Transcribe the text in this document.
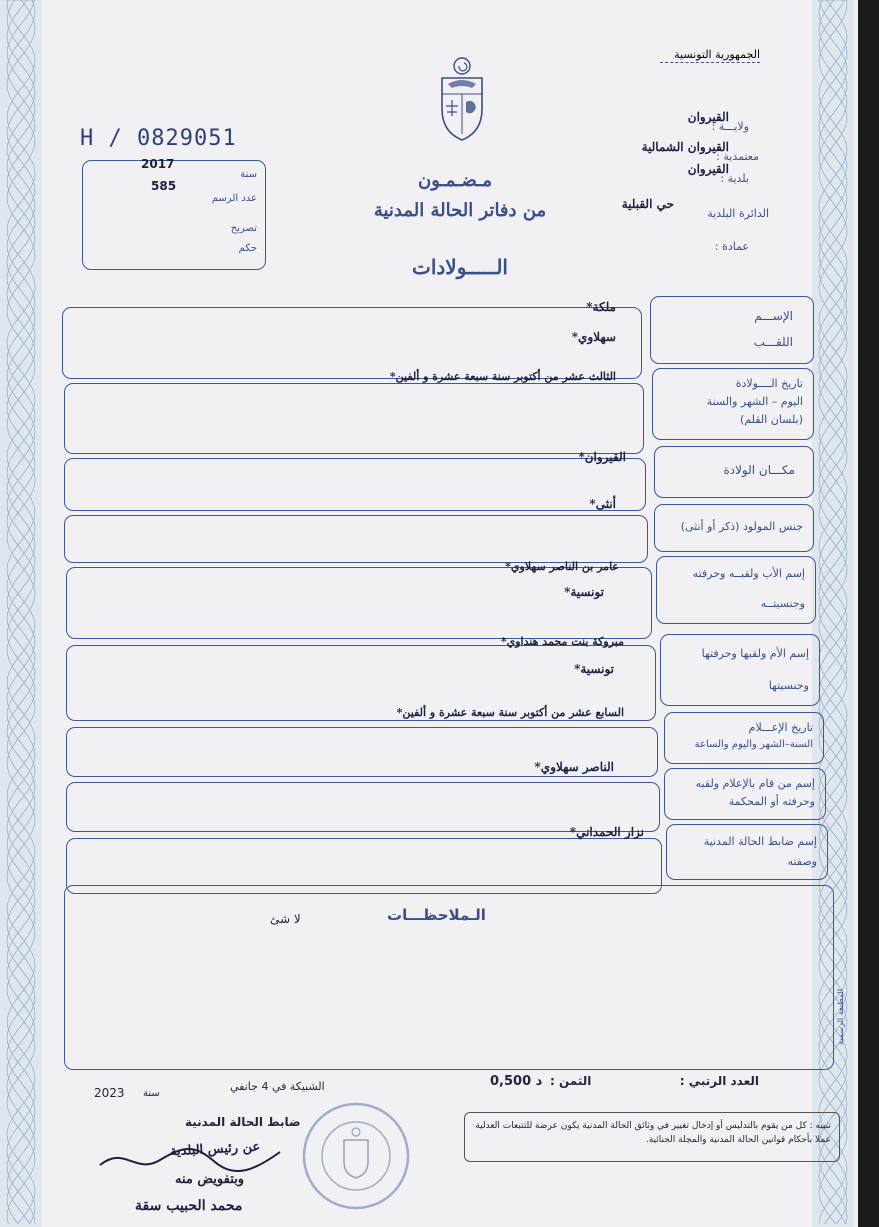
الجمهورية التونسية
ولايـــة :
القيروان
معتمدية :
القيروان الشمالية
بلدية :
القيروان
الدائرة البلدية
حي القبلية
عمادة :
H / 0829051
2017
سنة
585
عدد الرسم
تصريح
حكم
مـضـمـون
من دفاتر الحالة المدنية
الـــــولادات
الإســـم
اللقـــب
تاريخ الــــولادة
اليوم – الشهر والسنة
(بلسان القلم)
مكـــان الولادة
جنس المولود (ذكر أو أنثى)
إسم الأب ولقبــه وحرفته
وجنسيتــه
إسم الأم ولقبها وحرفتها
وجنسيتها
تاريخ الإعـــلام
السنة–الشهر واليوم والساعة
إسم من قام بالإعلام ولقبه
وحرفته أو المحكمة
إسم ضابط الحالة المدنية
وصفته
ملكة*
سهلاوي*
الثالث عشر من أكتوبر سنة سبعة عشرة و ألفين*
القيروان*
أنثى*
عامر بن الناصر سهلاوي*
تونسية*
مبروكة بنت محمد هنداوي*
تونسية*
السابع عشر من أكتوبر سنة سبعة عشرة و ألفين*
الناصر سهلاوي*
نزار الحمداني*
الـملاحظـــات
لا شئ
المطبعة الرسمية
العدد الرتبي :
الثمن :
0,500 د
الشبيكة في 4 جانفي
سنة
2023
ضابط الحالة المدنية	تنبيه : كل من يقوم بالتدليس أو إدخال تغيير في وثائق الحالة المدنية يكون عرضة للتتبعات العدلية عملا بأحكام قوانين الحالة المدنية والمجلة الجنائية.
عن رئيس البلدية
وبتفويض منه
محمد الحبيب سقة
